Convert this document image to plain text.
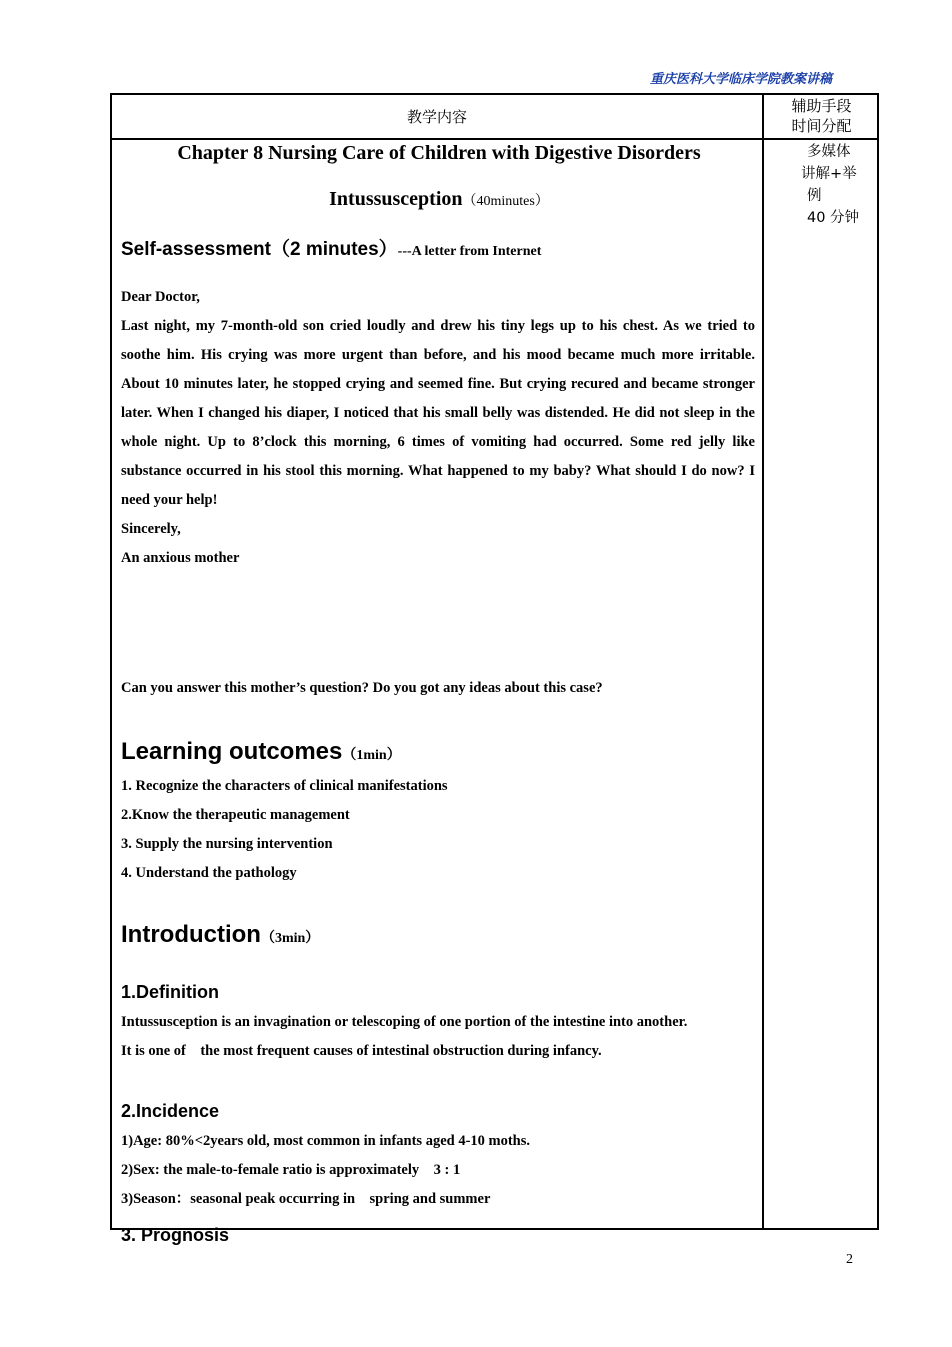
重庆医科大学临床学院教案讲稿
教学内容
辅助手段
时间分配
多媒体
讲解+举
例
40 分钟
Chapter 8 Nursing Care of Children with Digestive Disorders
Intussusception（40minutes）
Self-assessment（2 minutes）---A letter from Internet
Dear Doctor,
Last night, my 7-month-old son cried loudly and drew his tiny legs up to his chest. As we tried to soothe him. His crying was more urgent than before, and his mood became much more irritable. About 10 minutes later, he stopped crying and seemed fine. But crying recured and became stronger later. When I changed his diaper, I noticed that his small belly was distended. He did not sleep in the whole night. Up to 8’clock this morning, 6 times of vomiting had occurred. Some red jelly like substance occurred in his stool this morning. What happened to my baby? What should I do now? I need your help!
Sincerely,
An anxious mother
Can you answer this mother’s question? Do you got any ideas about this case?
Learning outcomes（1min）
1. Recognize the characters of clinical manifestations
2.Know the therapeutic management
3. Supply the nursing intervention
4. Understand the pathology
Introduction（3min）
1.Definition
Intussusception is an invagination or telescoping of one portion of the intestine into another.
It is one of    the most frequent causes of intestinal obstruction during infancy.
2.Incidence
1)Age: 80%<2years old, most common in infants aged 4-10 moths.
2)Sex: the male-to-female ratio is approximately    3 : 1
3)Season：seasonal peak occurring in    spring and summer
3. Prognosis
2
